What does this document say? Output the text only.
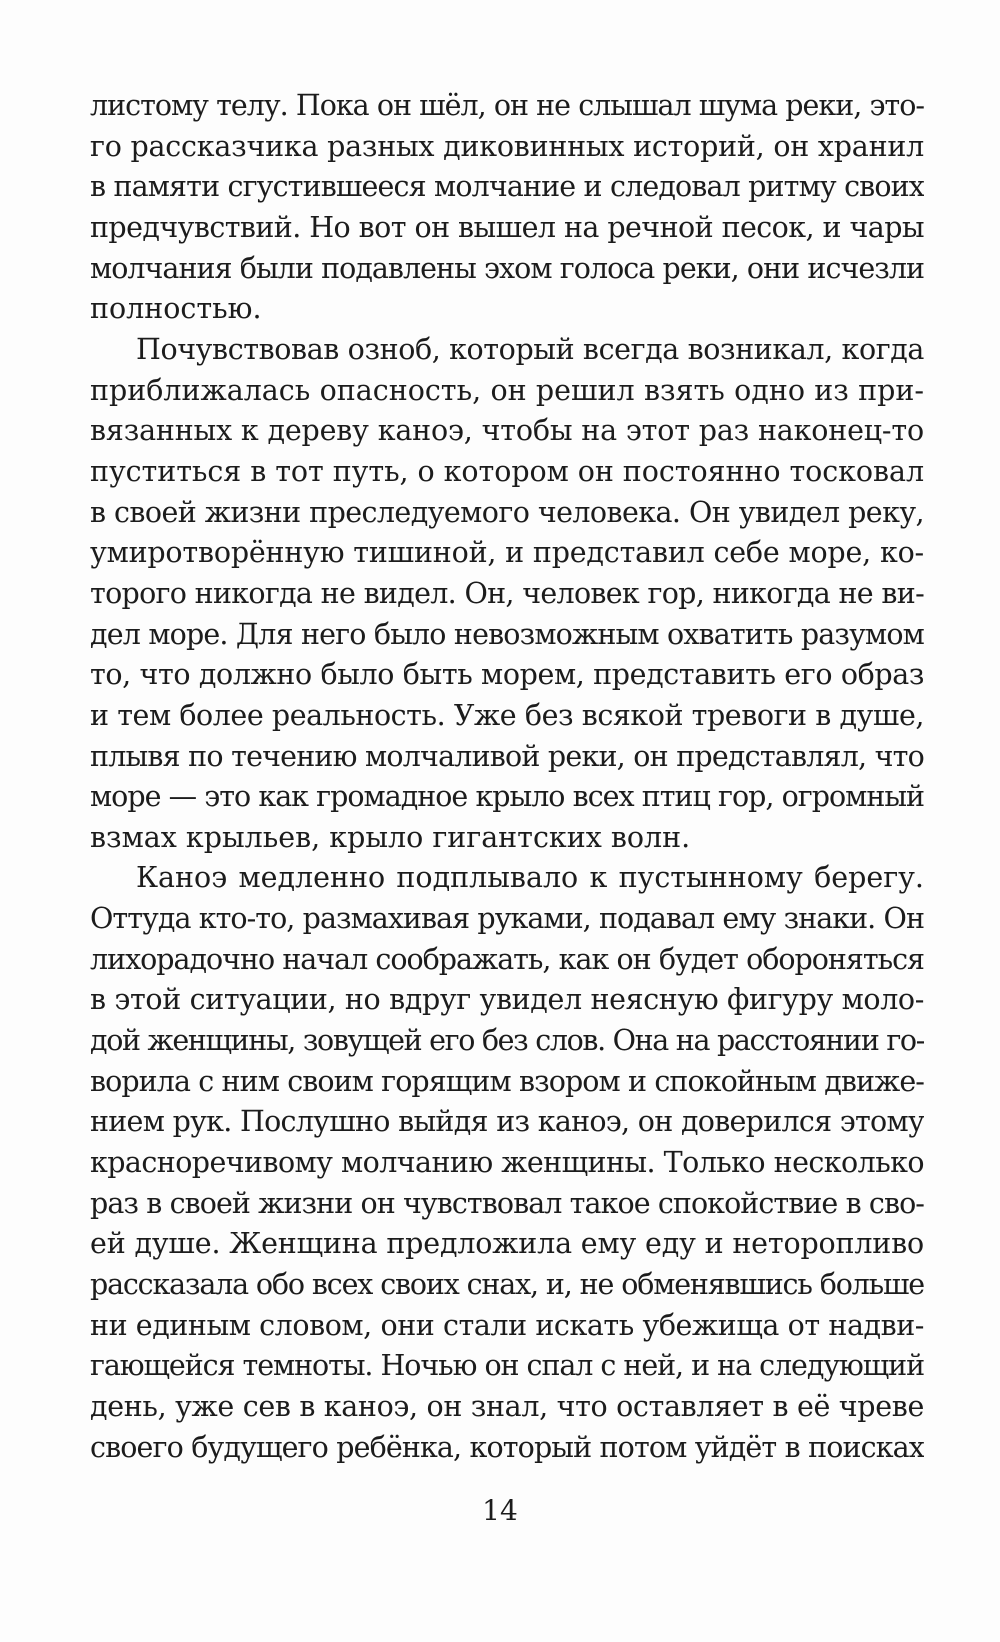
листому телу. Пока он шёл, он не слышал шума реки, это-
го рассказчика разных диковинных историй, он хранил
в памяти сгустившееся молчание и следовал ритму своих
предчувствий. Но вот он вышел на речной песок, и чары
молчания были подавлены эхом голоса реки, они исчезли
полностью.
Почувствовав озноб, который всегда возникал, когда
приближалась опасность, он решил взять одно из при-
вязанных к дереву каноэ, чтобы на этот раз наконец-то
пуститься в тот путь, о котором он постоянно тосковал
в своей жизни преследуемого человека. Он увидел реку,
умиротворённую тишиной, и представил себе море, ко-
торого никогда не видел. Он, человек гор, никогда не ви-
дел море. Для него было невозможным охватить разумом
то, что должно было быть морем, представить его образ
и тем более реальность. Уже без всякой тревоги в душе,
плывя по течению молчаливой реки, он представлял, что
море — это как громадное крыло всех птиц гор, огромный
взмах крыльев, крыло гигантских волн.
Каноэ медленно подплывало к пустынному берегу.
Оттуда кто-то, размахивая руками, подавал ему знаки. Он
лихорадочно начал соображать, как он будет обороняться
в этой ситуации, но вдруг увидел неясную фигуру моло-
дой женщины, зовущей его без слов. Она на расстоянии го-
ворила с ним своим горящим взором и спокойным движе-
нием рук. Послушно выйдя из каноэ, он доверился этому
красноречивому молчанию женщины. Только несколько
раз в своей жизни он чувствовал такое спокойствие в сво-
ей душе. Женщина предложила ему еду и неторопливо
рассказала обо всех своих снах, и, не обменявшись больше
ни единым словом, они стали искать убежища от надви-
гающейся темноты. Ночью он спал с ней, и на следующий
день, уже сев в каноэ, он знал, что оставляет в её чреве
своего будущего ребёнка, который потом уйдёт в поисках
14
